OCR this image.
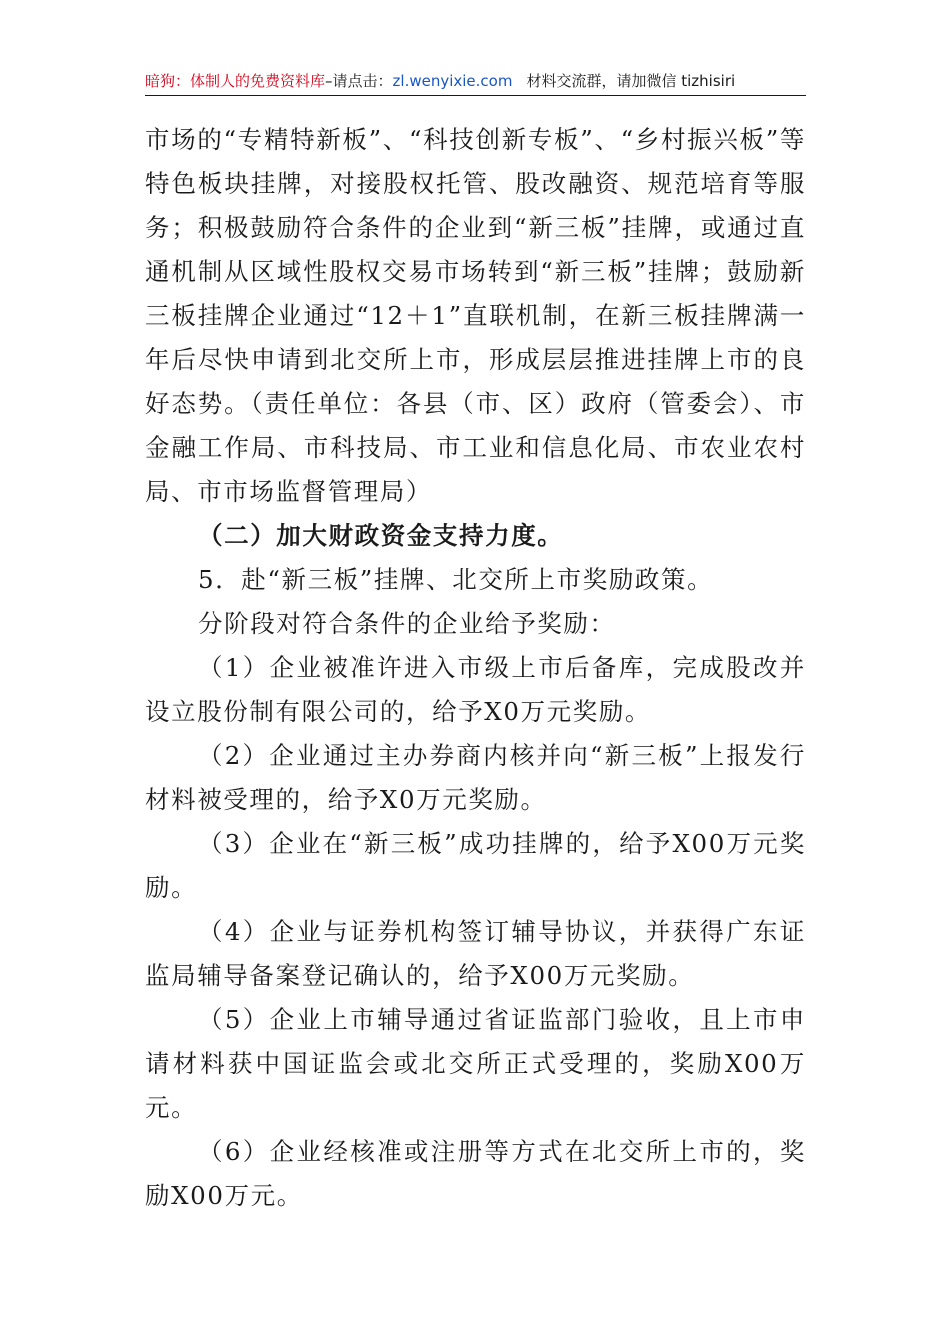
暗狗：体制人的免费资料库–请点击：zl.wenyixie.com 材料交流群，请加微信 tizhisiri

市场的“专精特新板”、“科技创新专板”、“乡村振兴板”等特色板块挂牌，对接股权托管、股改融资、规范培育等服务；积极鼓励符合条件的企业到“新三板”挂牌，或通过直通机制从区域性股权交易市场转到“新三板”挂牌；鼓励新三板挂牌企业通过“12＋1”直联机制，在新三板挂牌满一年后尽快申请到北交所上市，形成层层推进挂牌上市的良好态势。（责任单位：各县（市、区）政府（管委会）、市金融工作局、市科技局、市工业和信息化局、市农业农村局、市市场监督管理局）

（二）加大财政资金支持力度。

5．赴“新三板”挂牌、北交所上市奖励政策。

分阶段对符合条件的企业给予奖励：

（1）企业被准许进入市级上市后备库，完成股改并设立股份制有限公司的，给予X0万元奖励。

（2）企业通过主办券商内核并向“新三板”上报发行材料被受理的，给予X0万元奖励。

（3）企业在“新三板”成功挂牌的，给予X00万元奖励。

（4）企业与证券机构签订辅导协议，并获得广东证监局辅导备案登记确认的，给予X00万元奖励。

（5）企业上市辅导通过省证监部门验收，且上市申请材料获中国证监会或北交所正式受理的，奖励X00万元。

（6）企业经核准或注册等方式在北交所上市的，奖励X00万元。
